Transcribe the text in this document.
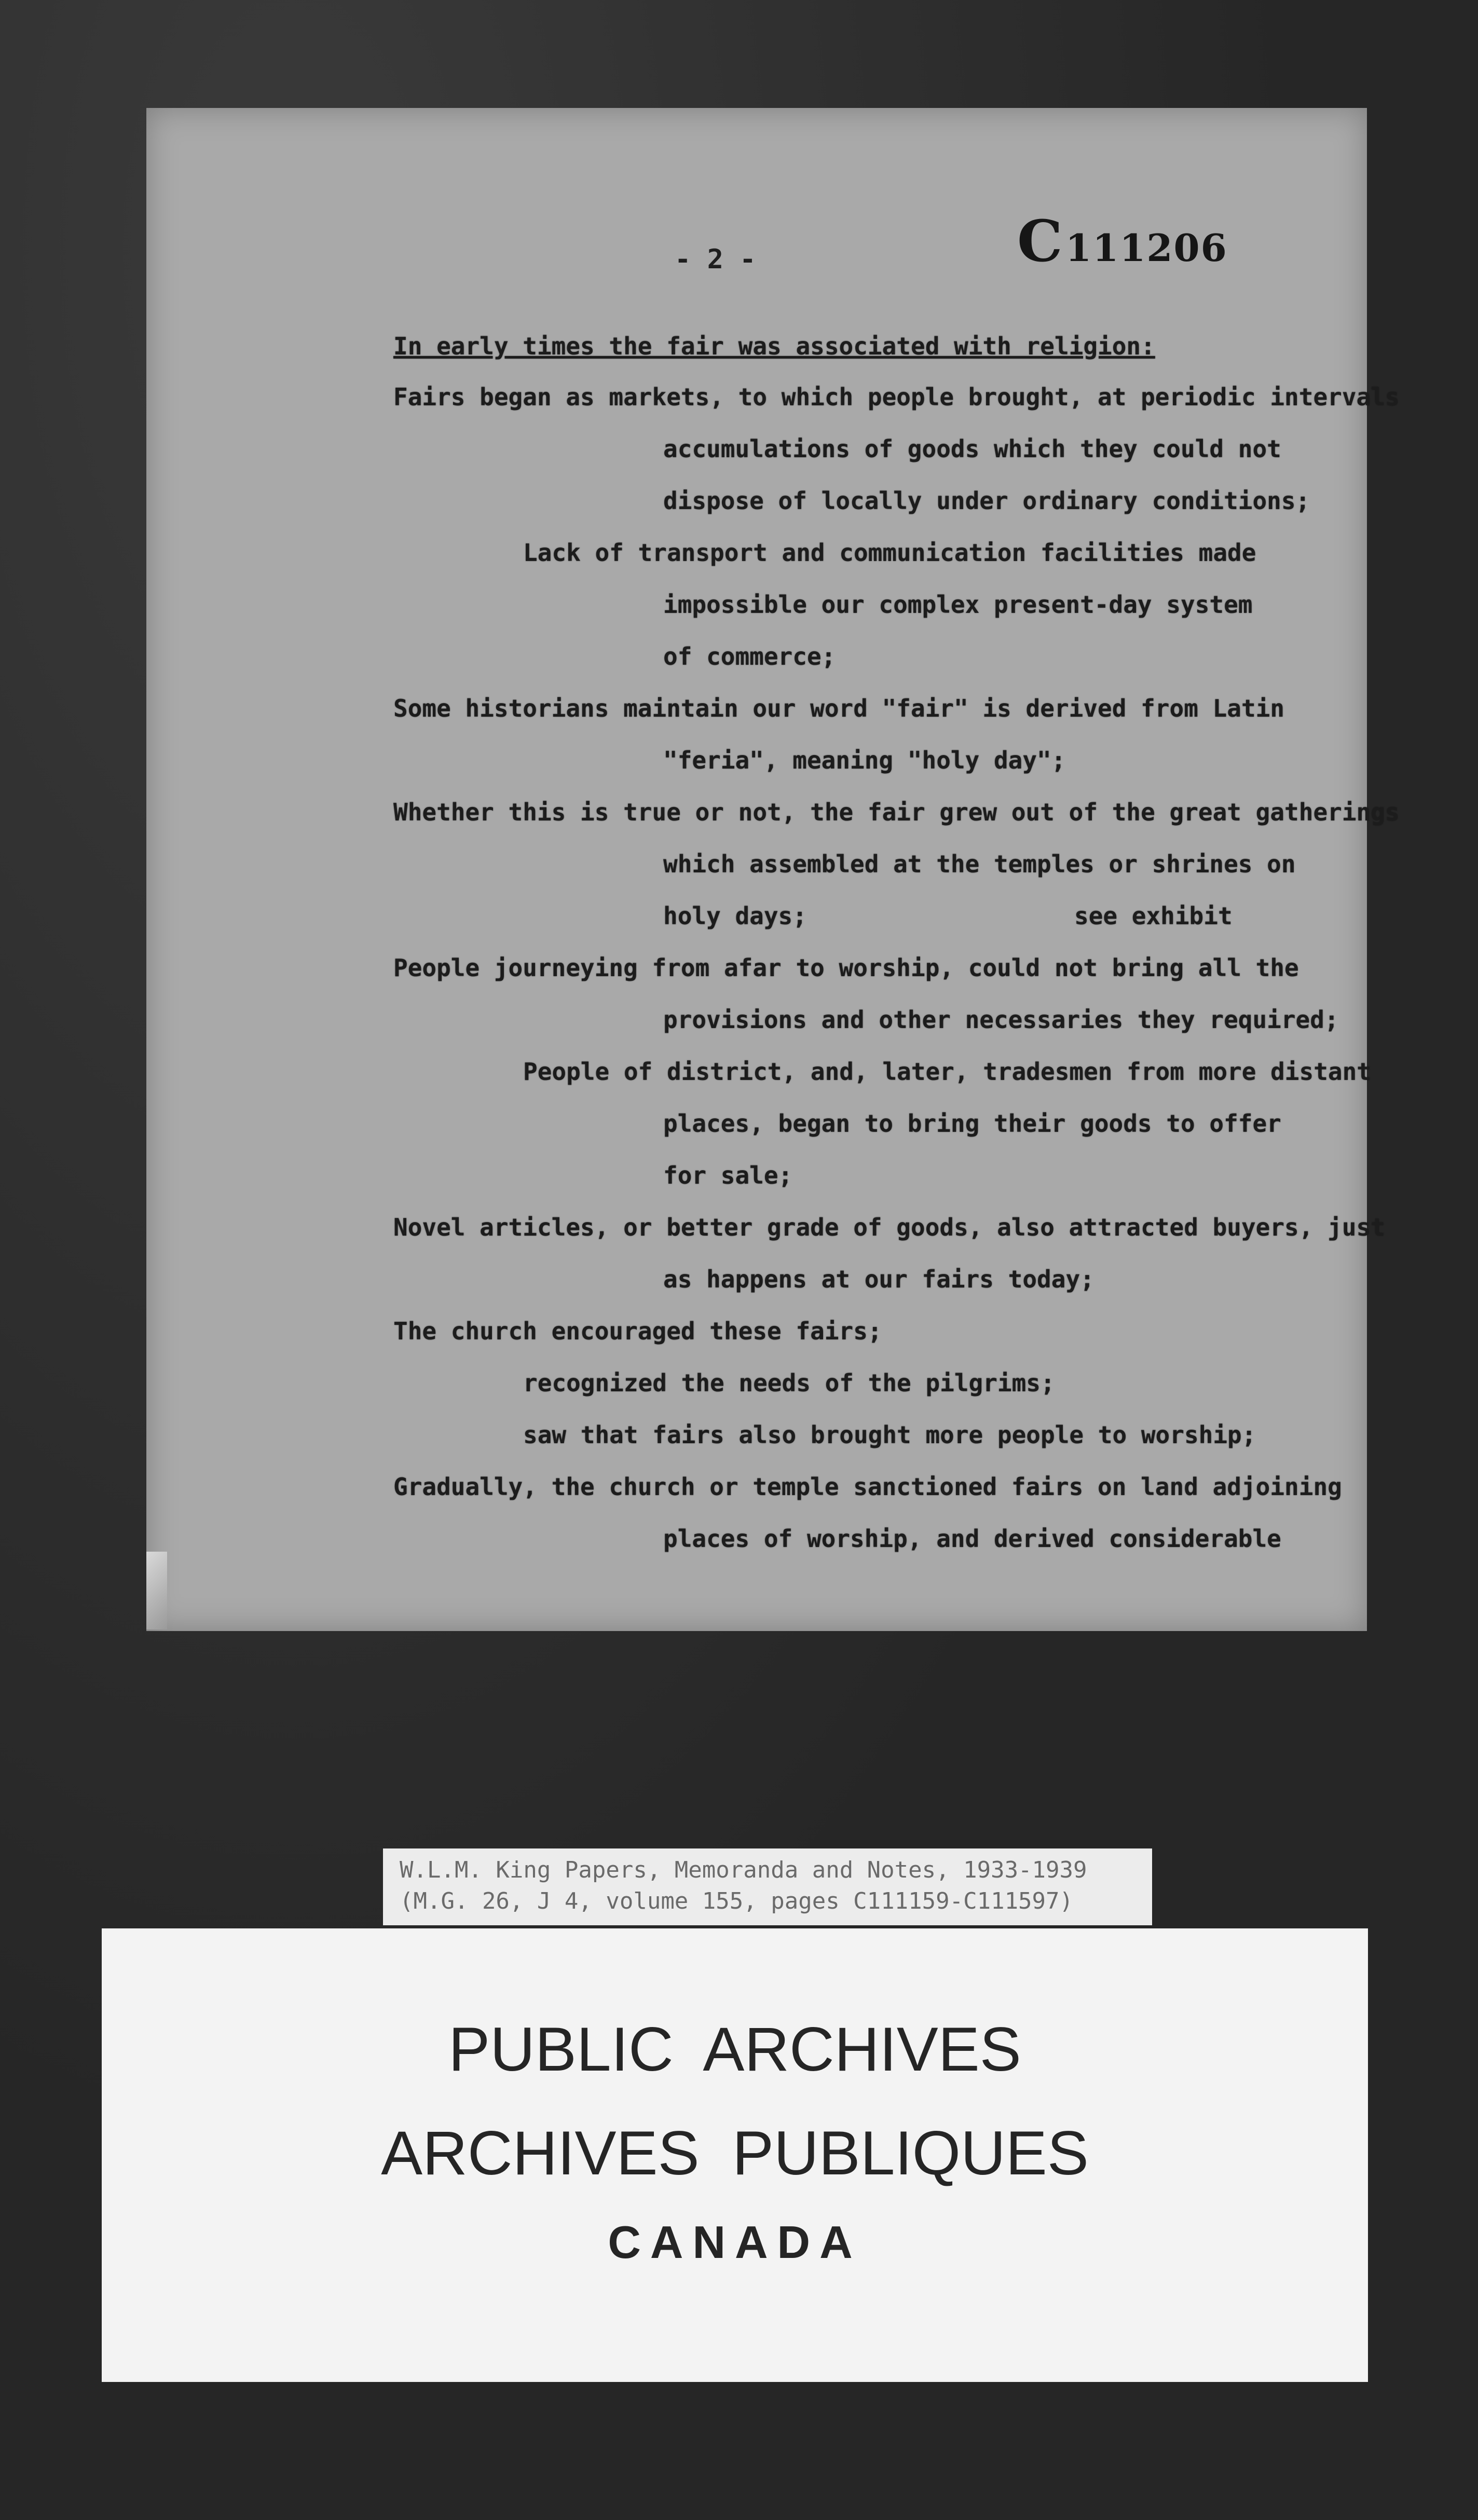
- 2 -	C 111206
In early times the fair was associated with religion:
Fairs began as markets, to which people brought, at periodic intervals
accumulations of goods which they could not
dispose of locally under ordinary conditions;
Lack of transport and communication facilities made
impossible our complex present-day system
of commerce;
Some historians maintain our word "fair" is derived from Latin
"feria", meaning "holy day";
Whether this is true or not, the fair grew out of the great gatherings
which assembled at the temples or shrines on
holy days;	see exhibit
People journeying from afar to worship, could not bring all the
provisions and other necessaries they required;
People of district, and, later, tradesmen from more distant
places, began to bring their goods to offer
for sale;
Novel articles, or better grade of goods, also attracted buyers, just
as happens at our fairs today;
The church encouraged these fairs;
recognized the needs of the pilgrims;
saw that fairs also brought more people to worship;
Gradually, the church or temple sanctioned fairs on land adjoining
places of worship, and derived considerable
W.L.M. King Papers, Memoranda and Notes, 1933-1939
(M.G. 26, J 4, volume 155, pages C111159-C111597)
PUBLIC ARCHIVES
ARCHIVES PUBLIQUES
CANADA
